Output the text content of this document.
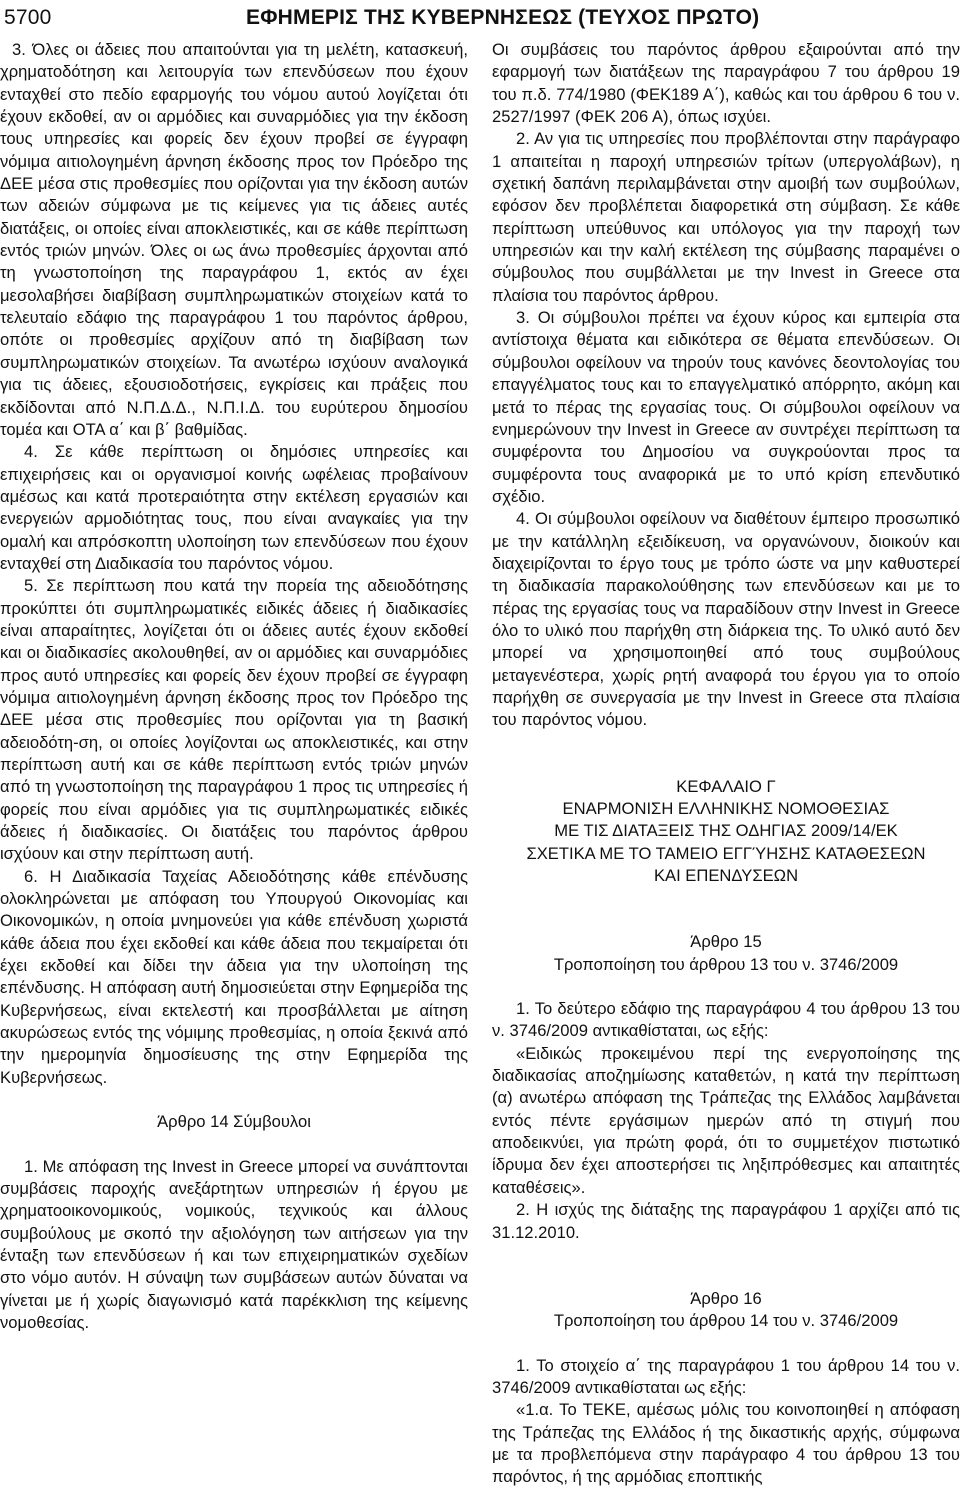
5700	ΕΦΗΜΕΡΙΣ ΤΗΣ ΚΥΒΕΡΝΗΣΕΩΣ (ΤΕΥΧΟΣ ΠΡΩΤΟ)

3. Όλες οι άδειες που απαιτούνται για τη μελέτη, κατασκευή, χρηματοδότηση και λειτουργία των επενδύσεων που έχουν ενταχθεί στο πεδίο εφαρμογής του νόμου αυτού λογίζεται ότι έχουν εκδοθεί, αν οι αρμόδιες και συναρμόδιες για την έκδοση τους υπηρεσίες και φορείς δεν έχουν προβεί σε έγγραφη νόμιμα αιτιολογημένη άρνηση έκδοσης προς τον Πρόεδρο της ΔΕΕ μέσα στις προθεσμίες που ορίζονται για την έκδοση αυτών των αδειών σύμφωνα με τις κείμενες για τις άδειες αυτές διατάξεις, οι οποίες είναι αποκλειστικές, και σε κάθε περίπτωση εντός τριών μηνών. Όλες οι ως άνω προθεσμίες άρχονται από τη γνωστοποίηση της παραγράφου 1, εκτός αν έχει μεσολαβήσει διαβίβαση συμπληρωματικών στοιχείων κατά το τελευταίο εδάφιο της παραγράφου 1 του παρόντος άρθρου, οπότε οι προθεσμίες αρχίζουν από τη διαβίβαση των συμπληρωματικών στοιχείων. Τα ανωτέρω ισχύουν αναλογικά για τις άδειες, εξουσιοδοτήσεις, εγκρίσεις και πράξεις που εκδίδονται από Ν.Π.Δ.Δ., Ν.Π.Ι.Δ. του ευρύτερου δημοσίου τομέα και ΟΤΑ α΄ και β΄ βαθμίδας.

4. Σε κάθε περίπτωση οι δημόσιες υπηρεσίες και επιχειρήσεις και οι οργανισμοί κοινής ωφέλειας προβαίνουν αμέσως και κατά προτεραιότητα στην εκτέλεση εργασιών και ενεργειών αρμοδιότητας τους, που είναι αναγκαίες για την ομαλή και απρόσκοπτη υλοποίηση των επενδύσεων που έχουν ενταχθεί στη Διαδικασία του παρόντος νόμου.

5. Σε περίπτωση που κατά την πορεία της αδειοδότησης προκύπτει ότι συμπληρωματικές ειδικές άδειες ή διαδικασίες είναι απαραίτητες, λογίζεται ότι οι άδειες αυτές έχουν εκδοθεί και οι διαδικασίες ακολουθηθεί, αν οι αρμόδιες και συναρμόδιες προς αυτό υπηρεσίες και φορείς δεν έχουν προβεί σε έγγραφη νόμιμα αιτιολογημένη άρνηση έκδοσης προς τον Πρόεδρο της ΔΕΕ μέσα στις προθεσμίες που ορίζονται για τη βασική αδειοδότη-ση, οι οποίες λογίζονται ως αποκλειστικές, και στην περίπτωση αυτή και σε κάθε περίπτωση εντός τριών μηνών από τη γνωστοποίηση της παραγράφου 1 προς τις υπηρεσίες ή φορείς που είναι αρμόδιες για τις συμπληρωματικές ειδικές άδειες ή διαδικασίες. Οι διατάξεις του παρόντος άρθρου ισχύουν και στην περίπτωση αυτή.

6. Η Διαδικασία Ταχείας Αδειοδότησης κάθε επένδυσης ολοκληρώνεται με απόφαση του Υπουργού Οικονομίας και Οικονομικών, η οποία μνημονεύει για κάθε επένδυση χωριστά κάθε άδεια που έχει εκδοθεί και κάθε άδεια που τεκμαίρεται ότι έχει εκδοθεί και δίδει την άδεια για την υλοποίηση της επένδυσης. Η απόφαση αυτή δημοσιεύεται στην Εφημερίδα της Κυβερνήσεως, είναι εκτελεστή και προσβάλλεται με αίτηση ακυρώσεως εντός της νόμιμης προθεσμίας, η οποία ξεκινά από την ημερομηνία δημοσίευσης της στην Εφημερίδα της Κυβερνήσεως.

Άρθρο 14 Σύμβουλοι

1. Με απόφαση της Invest in Greece μπορεί να συνάπτονται συμβάσεις παροχής ανεξάρτητων υπηρεσιών ή έργου με χρηματοοικονομικούς, νομικούς, τεχνικούς και άλλους συμβούλους με σκοπό την αξιολόγηση των αιτήσεων για την ένταξη των επενδύσεων ή και των επιχειρηματικών σχεδίων στο νόμο αυτόν. Η σύναψη των συμβάσεων αυτών δύναται να γίνεται με ή χωρίς διαγωνισμό κατά παρέκκλιση της κείμενης νομοθεσίας.

Οι συμβάσεις του παρόντος άρθρου εξαιρούνται από την εφαρμογή των διατάξεων της παραγράφου 7 του άρθρου 19 του π.δ. 774/1980 (ΦΕΚ189 Α΄), καθώς και του άρθρου 6 του ν. 2527/1997 (ΦΕΚ 206 Α), όπως ισχύει.

2. Αν για τις υπηρεσίες που προβλέπονται στην παράγραφο 1 απαιτείται η παροχή υπηρεσιών τρίτων (υπεργολάβων), η σχετική δαπάνη περιλαμβάνεται στην αμοιβή των συμβούλων, εφόσον δεν προβλέπεται διαφορετικά στη σύμβαση. Σε κάθε περίπτωση υπεύθυνος και υπόλογος για την παροχή των υπηρεσιών και την καλή εκτέλεση της σύμβασης παραμένει ο σύμβουλος που συμβάλλεται με την Invest in Greece στα πλαίσια του παρόντος άρθρου.

3. Οι σύμβουλοι πρέπει να έχουν κύρος και εμπειρία στα αντίστοιχα θέματα και ειδικότερα σε θέματα επενδύσεων. Οι σύμβουλοι οφείλουν να τηρούν τους κανόνες δεοντολογίας του επαγγέλματος τους και το επαγγελματικό απόρρητο, ακόμη και μετά το πέρας της εργασίας τους. Οι σύμβουλοι οφείλουν να ενημερώνουν την Invest in Greece αν συντρέχει περίπτωση τα συμφέροντα του Δημοσίου να συγκρούονται προς τα συμφέροντα τους αναφορικά με το υπό κρίση επενδυτικό σχέδιο.

4. Οι σύμβουλοι οφείλουν να διαθέτουν έμπειρο προσωπικό με την κατάλληλη εξειδίκευση, να οργανώνουν, διοικούν και διαχειρίζονται το έργο τους με τρόπο ώστε να μην καθυστερεί τη διαδικασία παρακολούθησης των επενδύσεων και με το πέρας της εργασίας τους να παραδίδουν στην Invest in Greece όλο το υλικό που παρήχθη στη διάρκεια της. Το υλικό αυτό δεν μπορεί να χρησιμοποιηθεί από τους συμβούλους μεταγενέστερα, χωρίς ρητή αναφορά του έργου για το οποίο παρήχθη σε συνεργασία με την Invest in Greece στα πλαίσια του παρόντος νόμου.

ΚΕΦΑΛΑΙΟ Γ

ΕΝΑΡΜΟΝΙΣΗ ΕΛΛΗΝΙΚΗΣ ΝΟΜΟΘΕΣΙΑΣ

ΜΕ ΤΙΣ ΔΙΑΤΑΞΕΙΣ ΤΗΣ ΟΔΗΓΙΑΣ 2009/14/ΕΚ

ΣΧΕΤΙΚΑ ΜΕ ΤΟ ΤΑΜΕΙΟ ΕΓΓΎΗΣΗΣ ΚΑΤΑΘΕΣΕΩΝ

ΚΑΙ ΕΠΕΝΔΥΣΕΩΝ

Άρθρο 15

Τροποποίηση του άρθρου 13 του ν. 3746/2009

1. Το δεύτερο εδάφιο της παραγράφου 4 του άρθρου 13 του ν. 3746/2009 αντικαθίσταται, ως εξής:

«Ειδικώς προκειμένου περί της ενεργοποίησης της διαδικασίας αποζημίωσης καταθετών, η κατά την περίπτωση (α) ανωτέρω απόφαση της Τράπεζας της Ελλάδος λαμβάνεται εντός πέντε εργάσιμων ημερών από τη στιγμή που αποδεικνύει, για πρώτη φορά, ότι το συμμετέχον πιστωτικό ίδρυμα δεν έχει αποστερήσει τις ληξιπρόθεσμες και απαιτητές καταθέσεις».

2. Η ισχύς της διάταξης της παραγράφου 1 αρχίζει από τις 31.12.2010.

Άρθρο 16

Τροποποίηση του άρθρου 14 του ν. 3746/2009

1. Το στοιχείο α΄ της παραγράφου 1 του άρθρου 14 του ν. 3746/2009 αντικαθίσταται ως εξής:

«1.α. Το ΤΕΚΕ, αμέσως μόλις του κοινοποιηθεί η απόφαση της Τράπεζας της Ελλάδος ή της δικαστικής αρχής, σύμφωνα με τα προβλεπόμενα στην παράγραφο 4 του άρθρου 13 του παρόντος, ή της αρμόδιας εποπτικής
